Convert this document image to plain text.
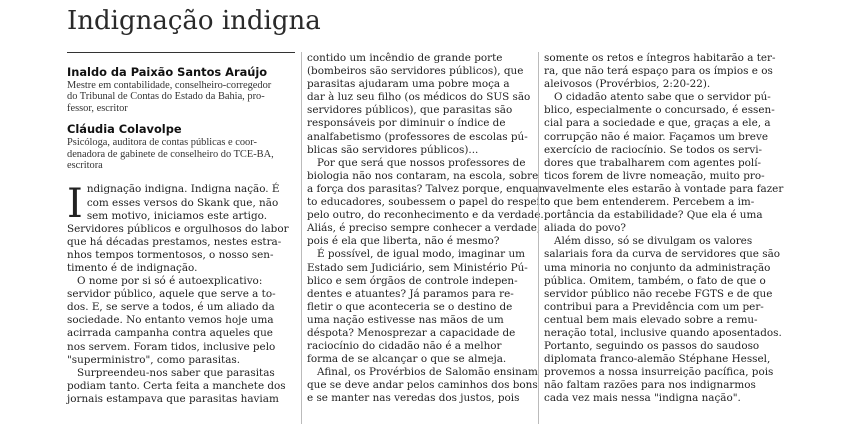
Indignação indigna

Inaldo da Paixão Santos Araújo

Mestre em contabilidade, conselheiro-corregedor
do Tribunal de Contas do Estado da Bahia, pro-
fessor, escritor

Cláudia Colavolpe

Psicóloga, auditora de contas públicas e coor-
denadora de gabinete de conselheiro do TCE-BA,
escritora
I ndignação indigna. Indigna nação. É
com esses versos do Skank que, não
sem motivo, iniciamos este artigo.
Servidores públicos e orgulhosos do labor
que há décadas prestamos, nestes estra-
nhos tempos tormentosos, o nosso sen-
timento é de indignação.
O nome por si só é autoexplicativo:
servidor público, aquele que serve a to-
dos. E, se serve a todos, é um aliado da
sociedade. No entanto vemos hoje uma
acirrada campanha contra aqueles que
nos servem. Foram tidos, inclusive pelo
"superministro", como parasitas.
Surpreendeu-nos saber que parasitas
podiam tanto. Certa feita a manchete dos
jornais estampava que parasitas haviam
contido um incêndio de grande porte
(bombeiros são servidores públicos), que
parasitas ajudaram uma pobre moça a
dar à luz seu filho (os médicos do SUS são
servidores públicos), que parasitas são
responsáveis por diminuir o índice de
analfabetismo (professores de escolas pú-
blicas são servidores públicos)...
Por que será que nossos professores de
biologia não nos contaram, na escola, sobre
a força dos parasitas? Talvez porque, enquan-
to educadores, soubessem o papel do respeito
pelo outro, do reconhecimento e da verdade.
Aliás, é preciso sempre conhecer a verdade,
pois é ela que liberta, não é mesmo?
É possível, de igual modo, imaginar um
Estado sem Judiciário, sem Ministério Pú-
blico e sem órgãos de controle indepen-
dentes e atuantes? Já paramos para re-
fletir o que aconteceria se o destino de
uma nação estivesse nas mãos de um
déspota? Menosprezar a capacidade de
raciocínio do cidadão não é a melhor
forma de se alcançar o que se almeja.
Afinal, os Provérbios de Salomão ensinam
que se deve andar pelos caminhos dos bons
e se manter nas veredas dos justos, pois
somente os retos e íntegros habitarão a ter-
ra, que não terá espaço para os ímpios e os
aleivosos (Provérbios, 2:20-22).
O cidadão atento sabe que o servidor pú-
blico, especialmente o concursado, é essen-
cial para a sociedade e que, graças a ele, a
corrupção não é maior. Façamos um breve
exercício de raciocínio. Se todos os servi-
dores que trabalharem com agentes polí-
ticos forem de livre nomeação, muito pro-
vavelmente eles estarão à vontade para fazer
o que bem entenderem. Percebem a im-
portância da estabilidade? Que ela é uma
aliada do povo?
Além disso, só se divulgam os valores
salariais fora da curva de servidores que são
uma minoria no conjunto da administração
pública. Omitem, também, o fato de que o
servidor público não recebe FGTS e de que
contribui para a Previdência com um per-
centual bem mais elevado sobre a remu-
neração total, inclusive quando aposentados.
Portanto, seguindo os passos do saudoso
diplomata franco-alemão Stéphane Hessel,
provemos a nossa insurreição pacífica, pois
não faltam razões para nos indignarmos
cada vez mais nessa "indigna nação".
